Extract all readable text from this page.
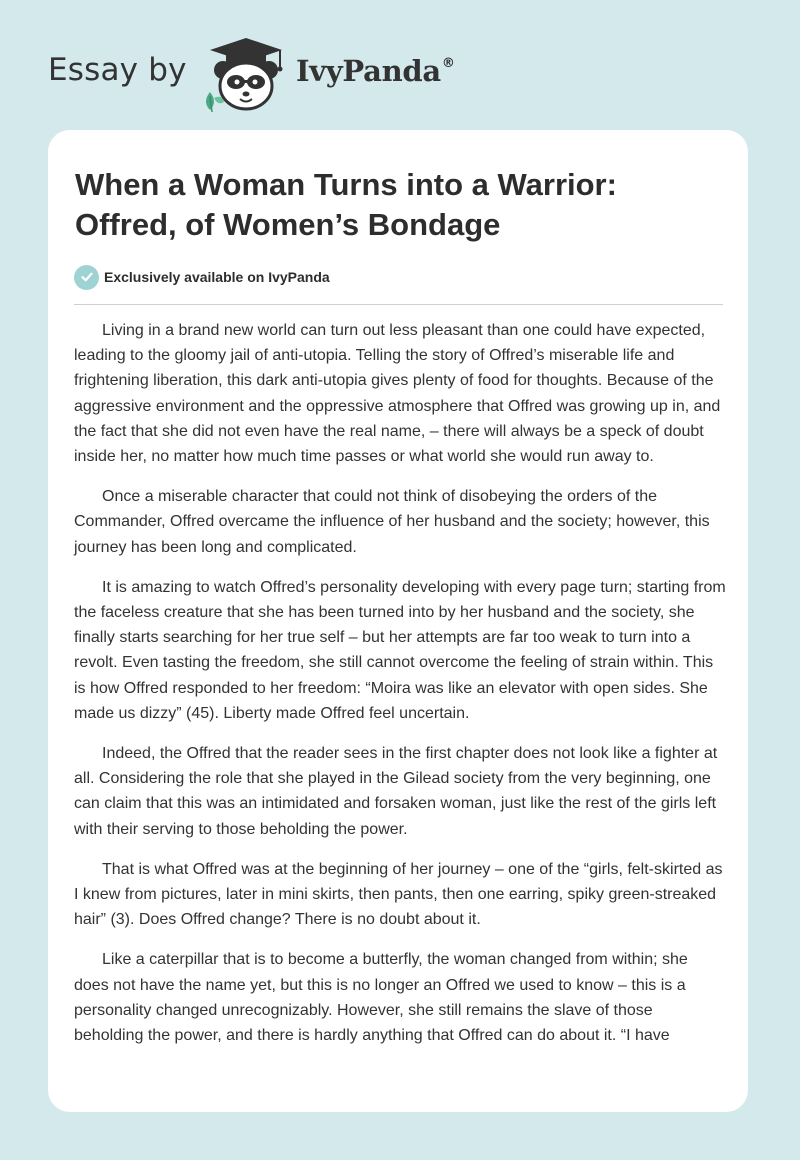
Essay by	IvyPanda®
When a Woman Turns into a Warrior: Offred, of Women’s Bondage
Exclusively available on IvyPanda

Living in a brand new world can turn out less pleasant than one could have expected, leading to the gloomy jail of anti-utopia. Telling the story of Offred’s miserable life and frightening liberation, this dark anti-utopia gives plenty of food for thoughts. Because of the aggressive environment and the oppressive atmosphere that Offred was growing up in, and the fact that she did not even have the real name, – there will always be a speck of doubt inside her, no matter how much time passes or what world she would run away to.

Once a miserable character that could not think of disobeying the orders of the Commander, Offred overcame the influence of her husband and the society; however, this journey has been long and complicated.

It is amazing to watch Offred’s personality developing with every page turn; starting from the faceless creature that she has been turned into by her husband and the society, she finally starts searching for her true self – but her attempts are far too weak to turn into a revolt. Even tasting the freedom, she still cannot overcome the feeling of strain within. This is how Offred responded to her freedom: “Moira was like an elevator with open sides. She made us dizzy” (45). Liberty made Offred feel uncertain.

Indeed, the Offred that the reader sees in the first chapter does not look like a fighter at all. Considering the role that she played in the Gilead society from the very beginning, one can claim that this was an intimidated and forsaken woman, just like the rest of the girls left with their serving to those beholding the power.

That is what Offred was at the beginning of her journey – one of the “girls, felt-skirted as I knew from pictures, later in mini skirts, then pants, then one earring, spiky green-streaked hair” (3). Does Offred change? There is no doubt about it.

Like a caterpillar that is to become a butterfly, the woman changed from within; she does not have the name yet, but this is no longer an Offred we used to know – this is a personality changed unrecognizably. However, she still remains the slave of those beholding the power, and there is hardly anything that Offred can do about it. “I have
